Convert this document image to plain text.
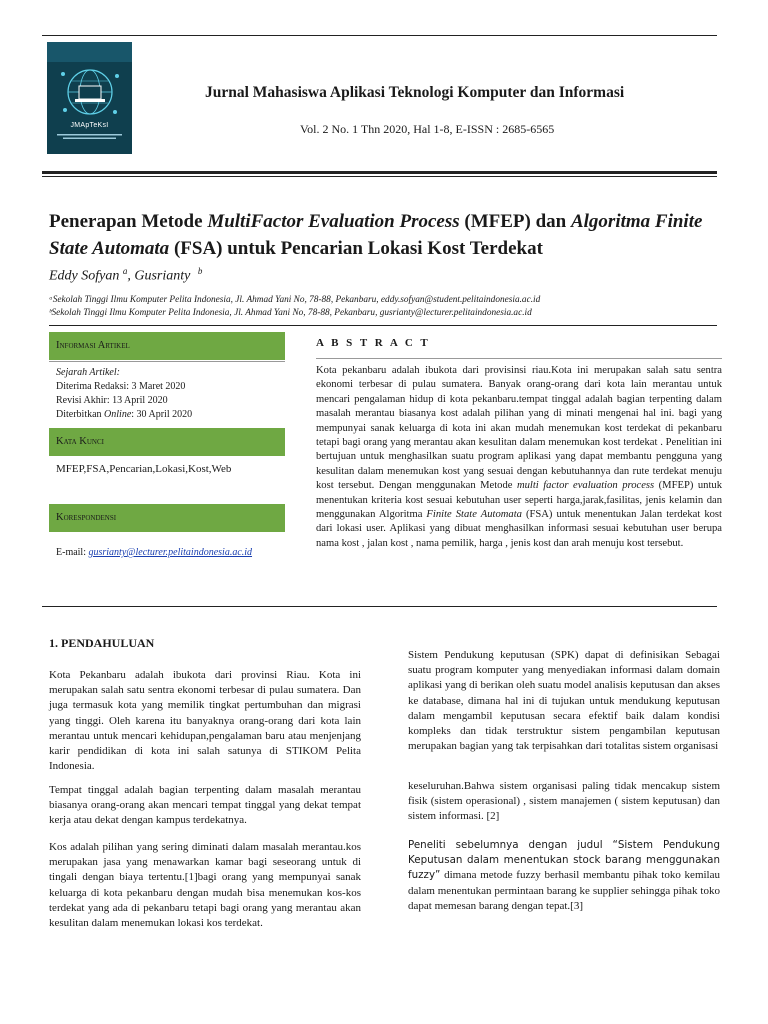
JMApTeKsI
Jurnal Mahasiswa Aplikasi Teknologi Komputer dan Informasi
Vol. 2 No. 1 Thn 2020, Hal 1-8, E-ISSN : 2685-6565
Penerapan Metode MultiFactor Evaluation Process (MFEP) dan Algoritma Finite State Automata (FSA) untuk Pencarian Lokasi Kost Terdekat
Eddy Sofyan $^a$, Gusrianty $^b$
ᵃSekolah Tinggi Ilmu Komputer Pelita Indonesia, Jl. Ahmad Yani No, 78-88, Pekanbaru, eddy.sofyan@student.pelitaindonesia.ac.id
ᵇSekolah Tinggi Ilmu Komputer Pelita Indonesia, Jl. Ahmad Yani No, 78-88, Pekanbaru, gusrianty@lecturer.pelitaindonesia.ac.id
Informasi Artikel
Sejarah Artikel:
Diterima Redaksi: 3 Maret 2020
Revisi Akhir: 13 April 2020
Diterbitkan Online: 30 April 2020
Kata Kunci
MFEP,FSA,Pencarian,Lokasi,Kost,Web
Korespondensi
E-mail: gusrianty@lecturer.pelitaindonesia.ac.id
A B S T R A C T
Kota pekanbaru adalah ibukota dari provisinsi riau.Kota ini merupakan salah satu sentra ekonomi terbesar di pulau sumatera. Banyak orang-orang dari kota lain merantau untuk mencari pengalaman hidup di kota pekanbaru.tempat tinggal adalah bagian terpenting dalam masalah merantau biasanya kost adalah pilihan yang di minati mengenai hal ini. bagi yang mempunyai sanak keluarga di kota ini akan mudah menemukan kost terdekat di pekanbaru tetapi bagi orang yang merantau akan kesulitan dalam menemukan kost terdekat . Penelitian ini bertujuan untuk menghasilkan suatu program aplikasi yang dapat membantu pengguna yang kesulitan dalam menemukan kost yang sesuai dengan kebutuhannya dan rute terdekat menuju kost tersebut. Dengan menggunakan Metode multi factor evaluation process (MFEP) untuk menentukan kriteria kost sesuai kebutuhan user seperti harga,jarak,fasilitas, jenis kelamin dan menggunakan Algoritma Finite State Automata (FSA) untuk menentukan Jalan terdekat kost dari lokasi user. Aplikasi yang dibuat menghasilkan informasi sesuai kebutuhan user berupa nama kost , jalan kost , nama pemilik, harga , jenis kost dan arah menuju kost tersebut.
1. PENDAHULUAN
Kota Pekanbaru adalah ibukota dari provinsi Riau. Kota ini merupakan salah satu sentra ekonomi terbesar di pulau sumatera. Dan juga termasuk kota yang memilik tingkat pertumbuhan dan migrasi yang tinggi. Oleh karena itu banyaknya orang-orang dari kota lain merantau untuk mencari kehidupan,pengalaman baru atau menjenjang karir pendidikan di kota ini salah satunya di STIKOM Pelita Indonesia.
Tempat tinggal adalah bagian terpenting dalam masalah merantau biasanya orang-orang akan mencari tempat tinggal yang dekat tempat kerja atau dekat dengan kampus terdekatnya.
Kos adalah pilihan yang sering diminati dalam masalah merantau.kos merupakan jasa yang menawarkan kamar bagi seseorang untuk di tingali dengan biaya tertentu.[1]bagi orang yang mempunyai sanak keluarga di kota pekanbaru dengan mudah bisa menemukan kos-kos terdekat yang ada di pekanbaru tetapi bagi orang yang merantau akan kesulitan dalam menemukan lokasi kos terdekat.
Sistem Pendukung keputusan (SPK) dapat di definisikan Sebagai suatu program komputer yang menyediakan informasi dalam domain aplikasi yang di berikan oleh suatu model analisis keputusan dan akses ke database, dimana hal ini di tujukan untuk mendukung keputusan dalam mengambil keputusan secara efektif baik dalam kondisi kompleks dan tidak terstruktur sistem pengambilan keputusan merupakan bagian yang tak terpisahkan dari totalitas sistem organisasi
keseluruhan.Bahwa sistem organisasi paling tidak mencakup sistem fisik (sistem operasional) , sistem manajemen ( sistem keputusan) dan sistem informasi. [2]
Peneliti sebelumnya dengan judul “Sistem Pendukung Keputusan dalam menentukan stock barang menggunakan fuzzy” dimana metode fuzzy berhasil membantu pihak toko kemilau dalam menentukan permintaan barang ke supplier sehingga pihak toko dapat memesan barang dengan tepat.[3]
